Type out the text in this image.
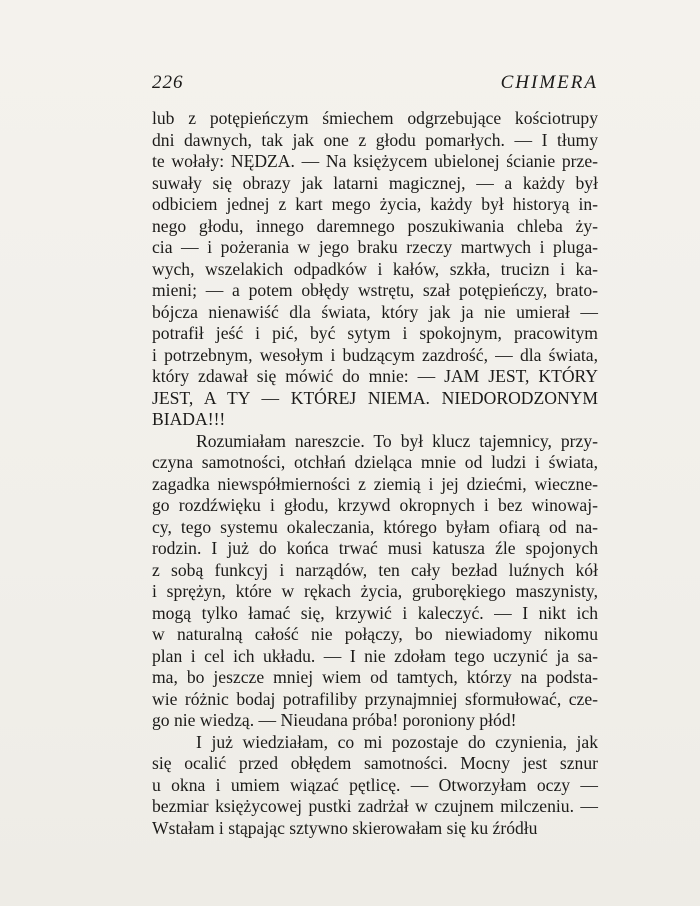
226	CHIMERA
lub z potępieńczym śmiechem odgrzebujące kościotrupy
dni dawnych, tak jak one z głodu pomarłych. — I tłumy
te wołały: NĘDZA. — Na księżycem ubielonej ścianie prze-
suwały się obrazy jak latarni magicznej, — a każdy był
odbiciem jednej z kart mego życia, każdy był historyą in-
nego głodu, innego daremnego poszukiwania chleba ży-
cia — i pożerania w jego braku rzeczy martwych i pluga-
wych, wszelakich odpadków i kałów, szkła, trucizn i ka-
mieni; — a potem obłędy wstrętu, szał potępieńczy, brato-
bójcza nienawiść dla świata, który jak ja nie umierał —
potrafił jeść i pić, być sytym i spokojnym, pracowitym
i potrzebnym, wesołym i budzącym zazdrość, — dla świata,
który zdawał się mówić do mnie: — JAM JEST, KTÓRY
JEST, A TY — KTÓREJ NIEMA. NIEDORODZONYM
BIADA!!!
Rozumiałam nareszcie. To był klucz tajemnicy, przy-
czyna samotności, otchłań dzieląca mnie od ludzi i świata,
zagadka niewspółmierności z ziemią i jej dziećmi, wieczne-
go rozdźwięku i głodu, krzywd okropnych i bez winowaj-
cy, tego systemu okaleczania, którego byłam ofiarą od na-
rodzin. I już do końca trwać musi katusza źle spojonych
z sobą funkcyj i narządów, ten cały bezład luźnych kół
i sprężyn, które w rękach życia, gruborękiego maszynisty,
mogą tylko łamać się, krzywić i kaleczyć. — I nikt ich
w naturalną całość nie połączy, bo niewiadomy nikomu
plan i cel ich układu. — I nie zdołam tego uczynić ja sa-
ma, bo jeszcze mniej wiem od tamtych, którzy na podsta-
wie różnic bodaj potrafiliby przynajmniej sformułować, cze-
go nie wiedzą. — Nieudana próba! poroniony płód!
I już wiedziałam, co mi pozostaje do czynienia, jak
się ocalić przed obłędem samotności. Mocny jest sznur
u okna i umiem wiązać pętlicę. — Otworzyłam oczy —
bezmiar księżycowej pustki zadrżał w czujnem milczeniu. —
Wstałam i stąpając sztywno skierowałam się ku źródłu
